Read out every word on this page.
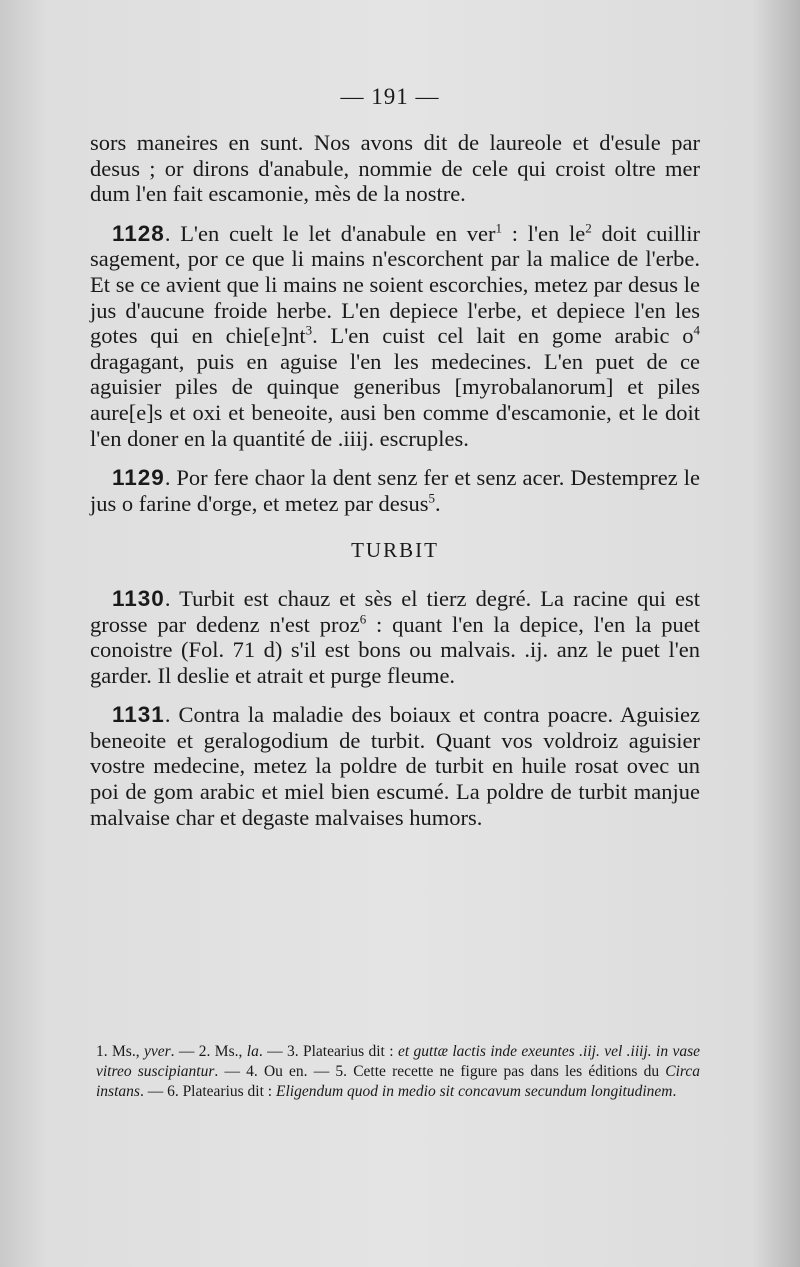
— 191 —

sors maneires en sunt. Nos avons dit de laureole et d'esule par desus ; or dirons d'anabule, nommie de cele qui croist oltre mer dum l'en fait escamonie, mès de la nostre.

1128. L'en cuelt le let d'anabule en ver$^1$ : l'en $le^2$ doit cuillir sagement, por ce que li mains n'escorchent par la malice de l'erbe. Et se ce avient que li mains ne soient escorchies, metez par desus le jus d'aucune froide herbe. L'en depiece l'erbe, et depiece l'en les gotes qui en $chie[e]nt^3$. L'en cuist cel lait en gome arabic $o^4$ dragagant, puis en aguise l'en les medecines. L'en puet de ce aguisier piles de quinque generibus [myrobalanorum] et piles aure[e]s et oxi et beneoite, ausi ben comme d'escamonie, et le doit l'en doner en la quantité de .iiij. escruples.

1129. Por fere chaor la dent senz fer et senz acer. Destemprez le jus o farine d'orge, et metez par desus$^5$.

TURBIT

1130. Turbit est chauz et sès el tierz degré. La racine qui est grosse par dedenz n'est proz$^6$ : quant l'en la depice, l'en la puet conoistre (Fol. 71 d) s'il est bons ou malvais. .ij. anz le puet l'en garder. Il deslie et atrait et purge fleume.

1131. Contra la maladie des boiaux et contra poacre. Aguisiez beneoite et geralogodium de turbit. Quant vos voldroiz aguisier vostre medecine, metez la poldre de turbit en huile rosat ovec un poi de gom arabic et miel bien escumé. La poldre de turbit manjue malvaise char et degaste malvaises humors.

1. Ms., yver. — 2. Ms., la. — 3. Platearius dit : et guttæ lactis inde exeuntes .iij. vel .iiij. in vase vitreo suscipiantur. — 4. Ou en. — 5. Cette recette ne figure pas dans les éditions du Circa instans. — 6. Platearius dit : Eligendum quod in medio sit concavum secundum longitudinem.
